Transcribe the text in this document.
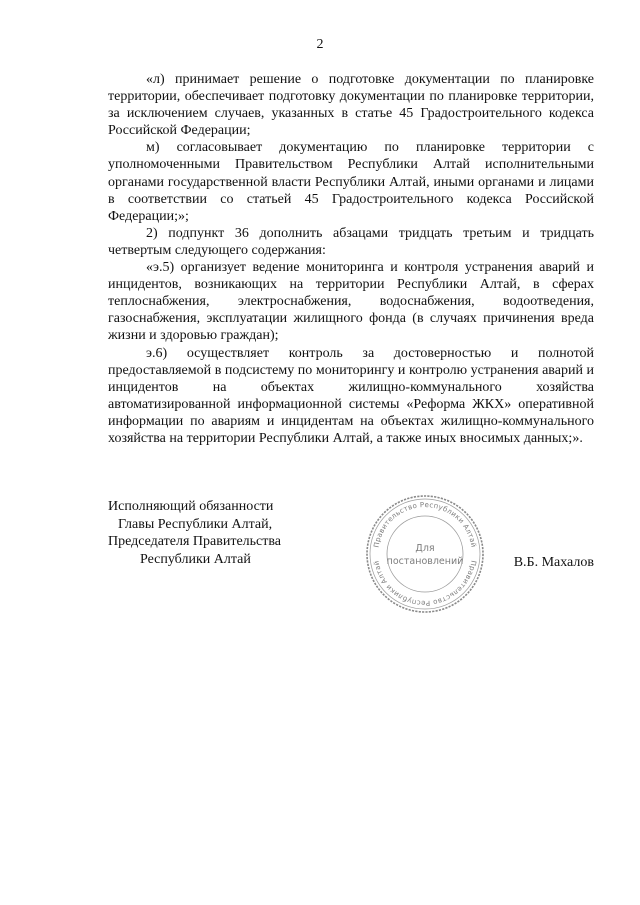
2

«л) принимает решение о подготовке документации по планировке территории, обеспечивает подготовку документации по планировке территории, за исключением случаев, указанных в статье 45 Градостроительного кодекса Российской Федерации;

м) согласовывает документацию по планировке территории с уполномоченными Правительством Республики Алтай исполнительными органами государственной власти Республики Алтай, иными органами и лицами в соответствии со статьей 45 Градостроительного кодекса Российской Федерации;»;

2) подпункт 36 дополнить абзацами тридцать третьим и тридцать четвертым следующего содержания:

«э.5) организует ведение мониторинга и контроля устранения аварий и инцидентов, возникающих на территории Республики Алтай, в сферах теплоснабжения, электроснабжения, водоснабжения, водоотведения, газоснабжения, эксплуатации жилищного фонда (в случаях причинения вреда жизни и здоровью граждан);

э.6) осуществляет контроль за достоверностью и полнотой предоставляемой в подсистему по мониторингу и контролю устранения аварий и инцидентов на объектах жилищно-коммунального хозяйства автоматизированной информационной системы «Реформа ЖКХ» оперативной информации по авариям и инцидентам на объектах жилищно-коммунального хозяйства на территории Республики Алтай, а также иных вносимых данных;».

Исполняющий обязанности
Главы Республики Алтай,
Председателя Правительства
Республики Алтай	В.Б. Махалов
Правительство Республики Алтай
Правительство Республики Алтай
Для
постановлений
